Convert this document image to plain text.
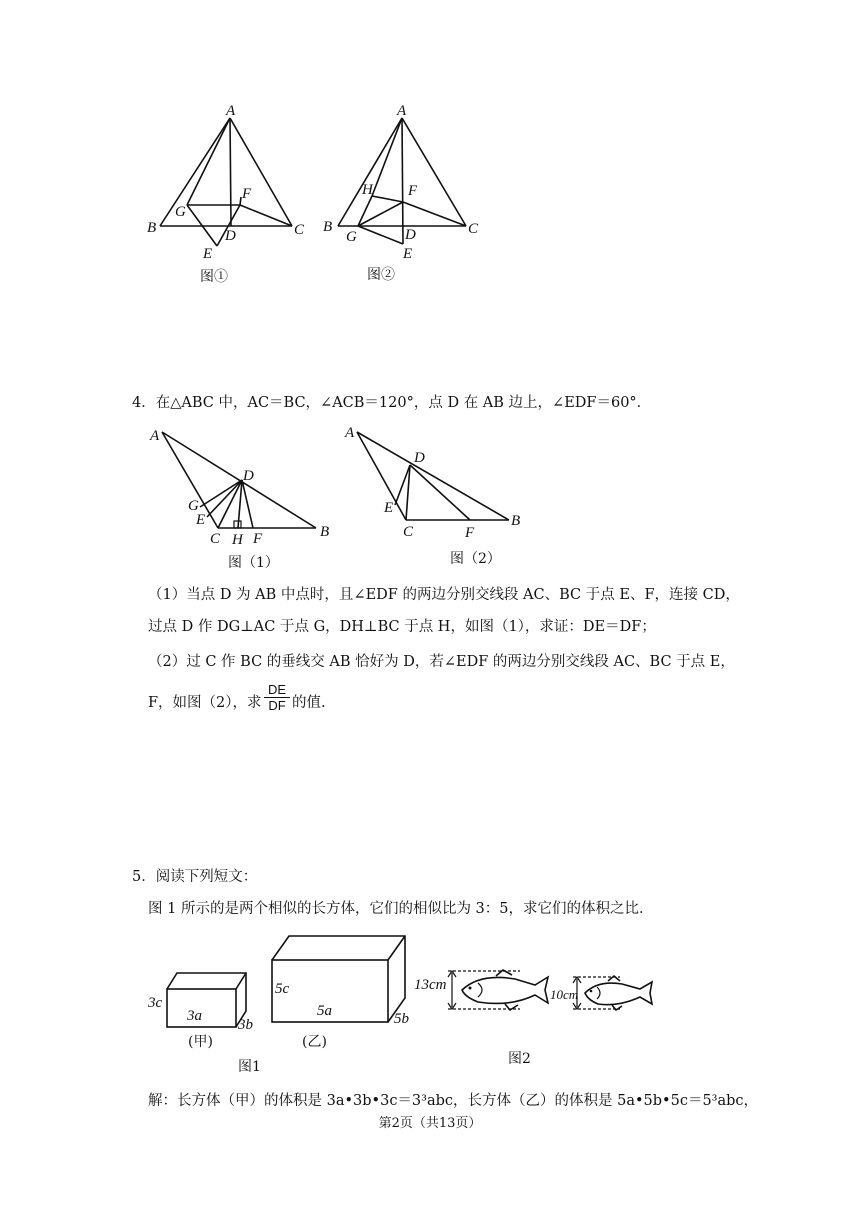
A
B	C
D
E
F
G
图①
A
B	C
D
E
F
G
H
图②
4．在△ABC 中，AC＝BC，∠ACB＝120°，点 D 在 AB 边上，∠EDF＝60°．
A
B
C
D
E
F
G
H
图（1）
A
B
C
D
E
F
图（2）
（1）当点 D 为 AB 中点时，且∠EDF 的两边分别交线段 AC、BC 于点 E、F，连接 CD，
过点 D 作 DG⊥AC 于点 G，DH⊥BC 于点 H，如图（1），求证：DE＝DF；
（2）过 C 作 BC 的垂线交 AB 恰好为 D，若∠EDF 的两边分别交线段 AC、BC 于点 E，
F，如图（2），求 $\frac{DE}{DF}$ 的值.
5．阅读下列短文：
图 1 所示的是两个相似的长方体，它们的相似比为 3：5，求它们的体积之比．
3c
3a
3b
(甲)
5c
5a	5b
(乙)
图1
13cm
10cm
图2
解：长方体（甲）的体积是 3a•3b•3c＝3³abc，长方体（乙）的体积是 5a•5b•5c＝5³abc，
第2页（共13页）
